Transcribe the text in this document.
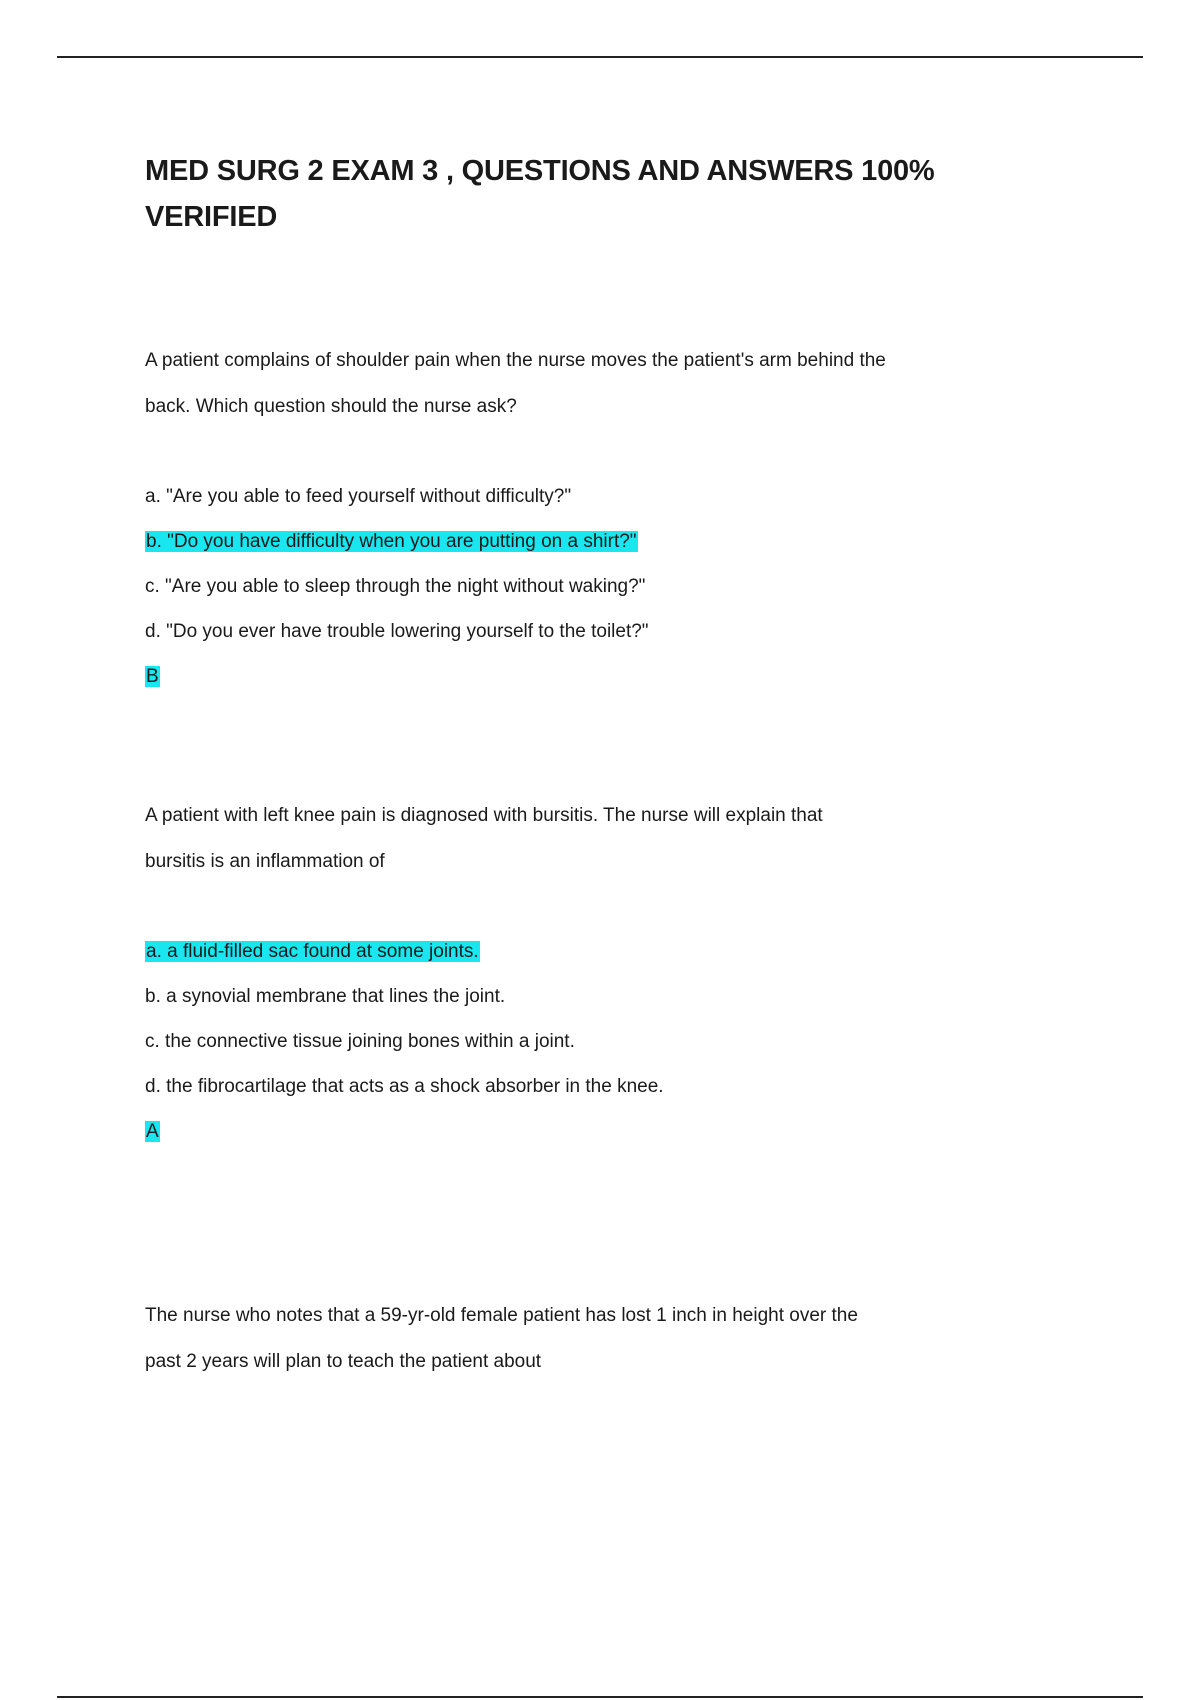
MED SURG 2 EXAM 3 , QUESTIONS AND ANSWERS 100%
VERIFIED

A patient complains of shoulder pain when the nurse moves the patient's arm behind the
back. Which question should the nurse ask?

a. "Are you able to feed yourself without difficulty?"
b. "Do you have difficulty when you are putting on a shirt?"
c. "Are you able to sleep through the night without waking?"
d. "Do you ever have trouble lowering yourself to the toilet?"
B

A patient with left knee pain is diagnosed with bursitis. The nurse will explain that
bursitis is an inflammation of

a. a fluid-filled sac found at some joints.
b. a synovial membrane that lines the joint.
c. the connective tissue joining bones within a joint.
d. the fibrocartilage that acts as a shock absorber in the knee.
A

The nurse who notes that a 59-yr-old female patient has lost 1 inch in height over the
past 2 years will plan to teach the patient about
